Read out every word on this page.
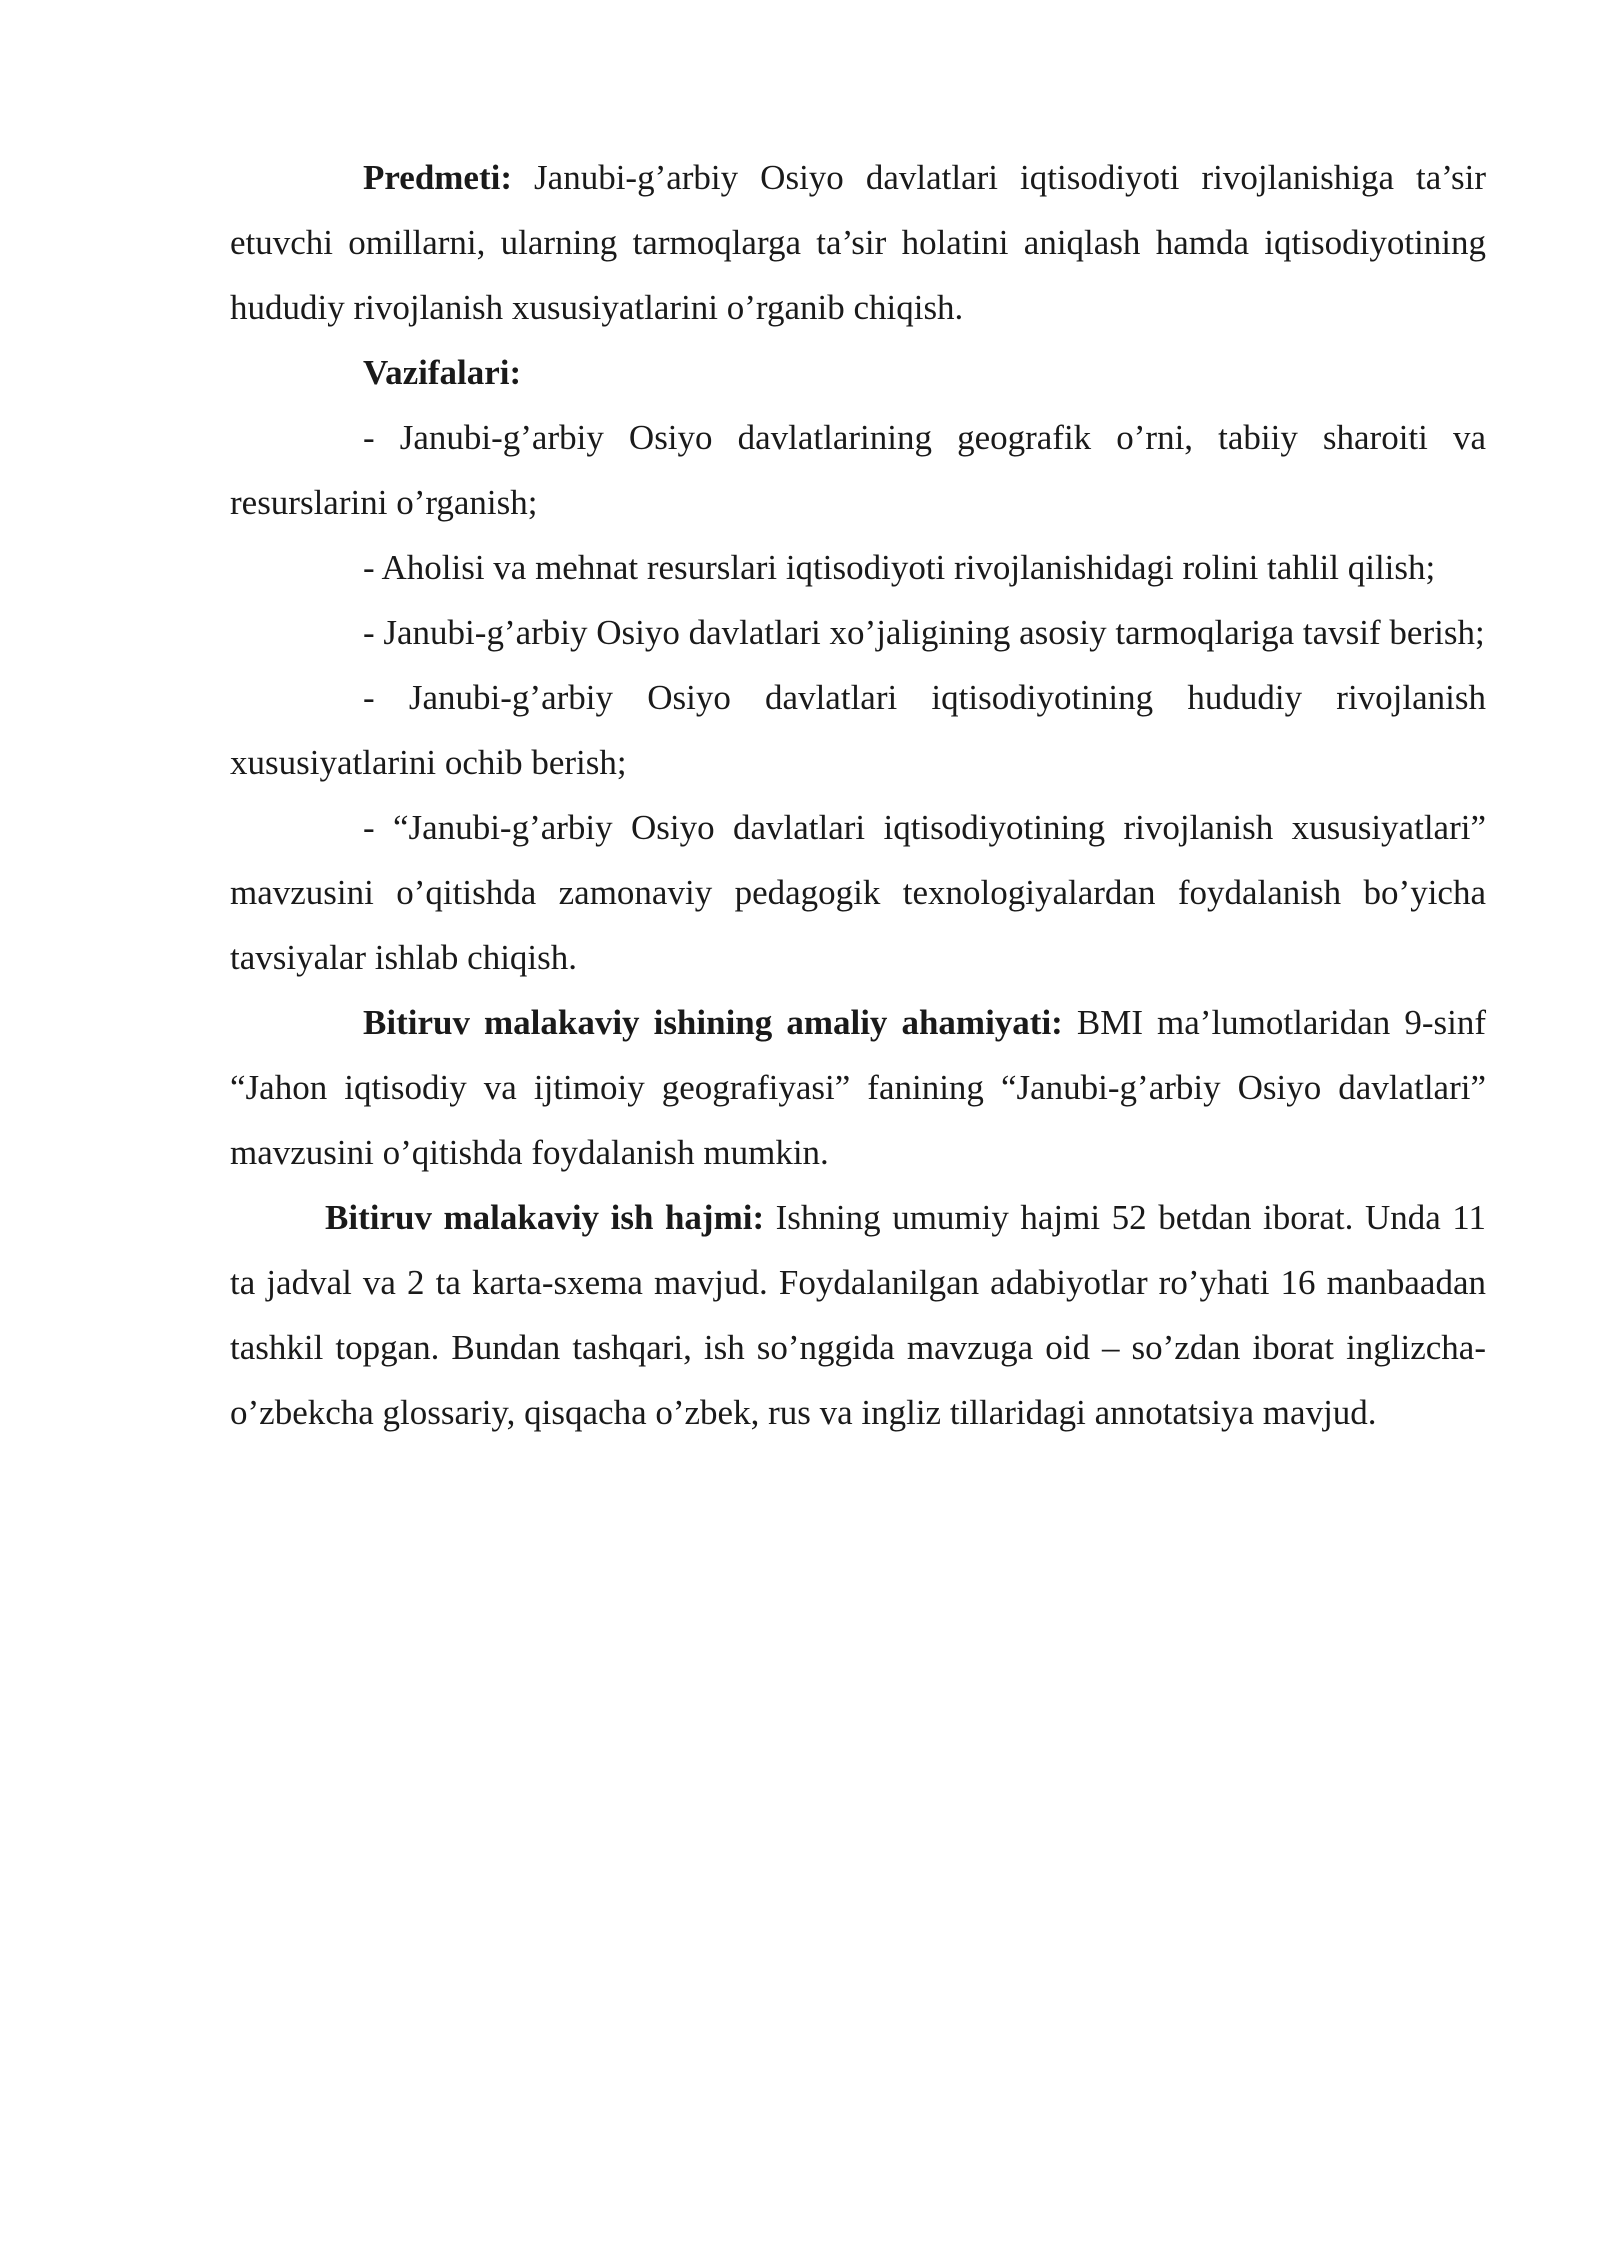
Predmeti: Janubi-g’arbiy Osiyo davlatlari iqtisodiyoti rivojlanishiga ta’sir etuvchi omillarni, ularning tarmoqlarga ta’sir holatini aniqlash hamda iqtisodiyotining hududiy rivojlanish xususiyatlarini o’rganib chiqish.

Vazifalari:

- Janubi-g’arbiy Osiyo davlatlarining geografik o’rni, tabiiy sharoiti va resurslarini o’rganish;

- Aholisi va mehnat resurslari iqtisodiyoti rivojlanishidagi rolini tahlil qilish;

- Janubi-g’arbiy Osiyo davlatlari xo’jaligining asosiy tarmoqlariga tavsif berish;

- Janubi-g’arbiy Osiyo davlatlari iqtisodiyotining hududiy rivojlanish xususiyatlarini ochib berish;

- “Janubi-g’arbiy Osiyo davlatlari iqtisodiyotining rivojlanish xususiyatlari” mavzusini o’qitishda zamonaviy pedagogik texnologiyalardan foydalanish bo’yicha tavsiyalar ishlab chiqish.

Bitiruv malakaviy ishining amaliy ahamiyati: BMI ma’lumotlaridan 9-sinf “Jahon iqtisodiy va ijtimoiy geografiyasi” fanining “Janubi-g’arbiy Osiyo davlatlari” mavzusini o’qitishda foydalanish mumkin.

Bitiruv malakaviy ish hajmi: Ishning umumiy hajmi 52 betdan iborat. Unda 11 ta jadval va 2 ta karta-sxema mavjud. Foydalanilgan adabiyotlar ro’yhati 16 manbaadan tashkil topgan. Bundan tashqari, ish so’nggida mavzuga oid – so’zdan iborat inglizcha-o’zbekcha glossariy, qisqacha o’zbek, rus va ingliz tillaridagi annotatsiya mavjud.
